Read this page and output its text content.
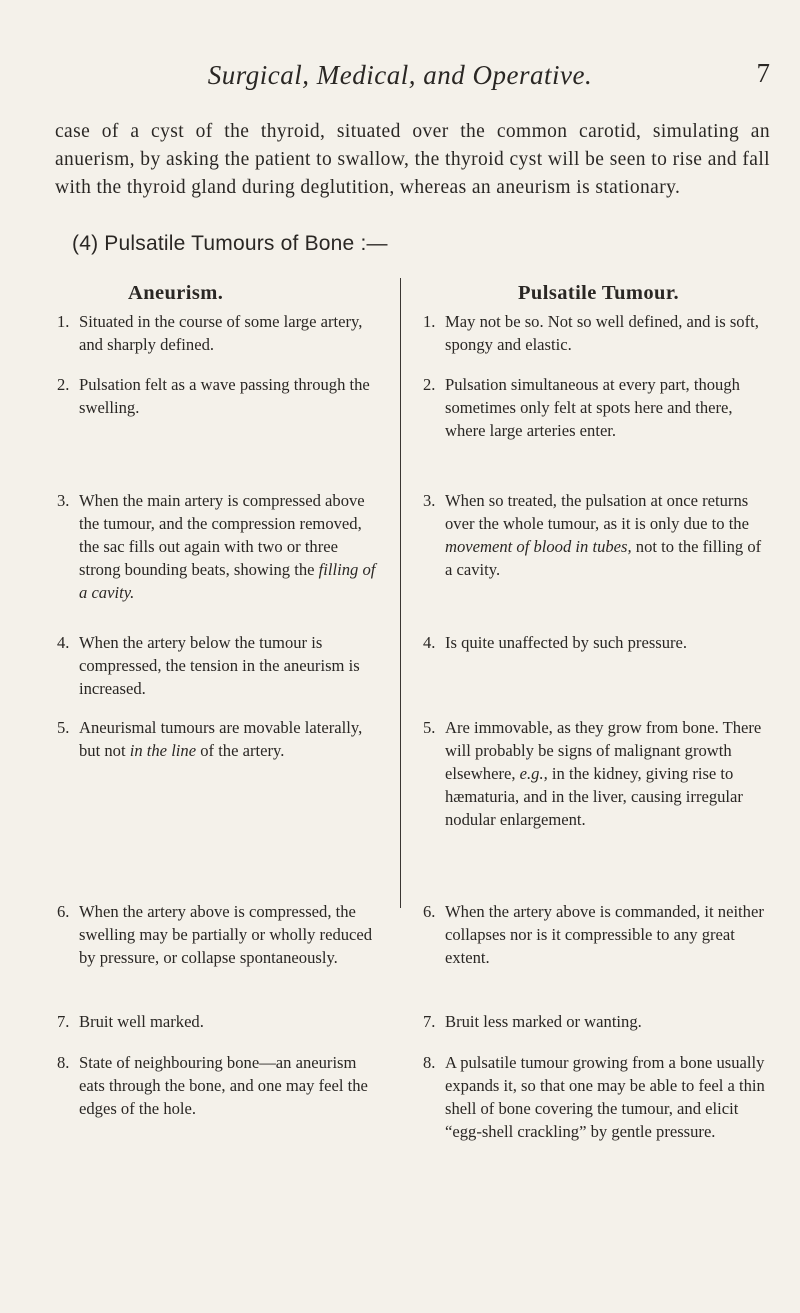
Surgical, Medical, and Operative.	7
case of a cyst of the thyroid, situated over the common carotid, simulating an anuerism, by asking the patient to swallow, the thyroid cyst will be seen to rise and fall with the thyroid gland during deglutition, whereas an aneurism is stationary.
(4) Pulsatile Tumours of Bone :—
Aneurism.	Pulsatile Tumour.
1. Situated in the course of some large artery, and sharply defined.
2. Pulsation felt as a wave passing through the swelling.
3. When the main artery is compressed above the tumour, and the compression removed, the sac fills out again with two or three strong bounding beats, showing the filling of a cavity.
4. When the artery below the tumour is compressed, the tension in the aneurism is increased.
5. Aneurismal tumours are movable laterally, but not in the line of the artery.
6. When the artery above is compressed, the swelling may be partially or wholly reduced by pressure, or collapse spontaneously.
7. Bruit well marked.
8. State of neighbouring bone—an aneurism eats through the bone, and one may feel the edges of the hole.
1. May not be so. Not so well defined, and is soft, spongy and elastic.
2. Pulsation simultaneous at every part, though sometimes only felt at spots here and there, where large arteries enter.
3. When so treated, the pulsation at once returns over the whole tumour, as it is only due to the movement of blood in tubes, not to the filling of a cavity.
4. Is quite unaffected by such pressure.
5. Are immovable, as they grow from bone. There will probably be signs of malignant growth elsewhere, e.g., in the kidney, giving rise to hæmaturia, and in the liver, causing irregular nodular enlargement.
6. When the artery above is commanded, it neither collapses nor is it compressible to any great extent.
7. Bruit less marked or wanting.
8. A pulsatile tumour growing from a bone usually expands it, so that one may be able to feel a thin shell of bone covering the tumour, and elicit “egg-shell crackling” by gentle pressure.
